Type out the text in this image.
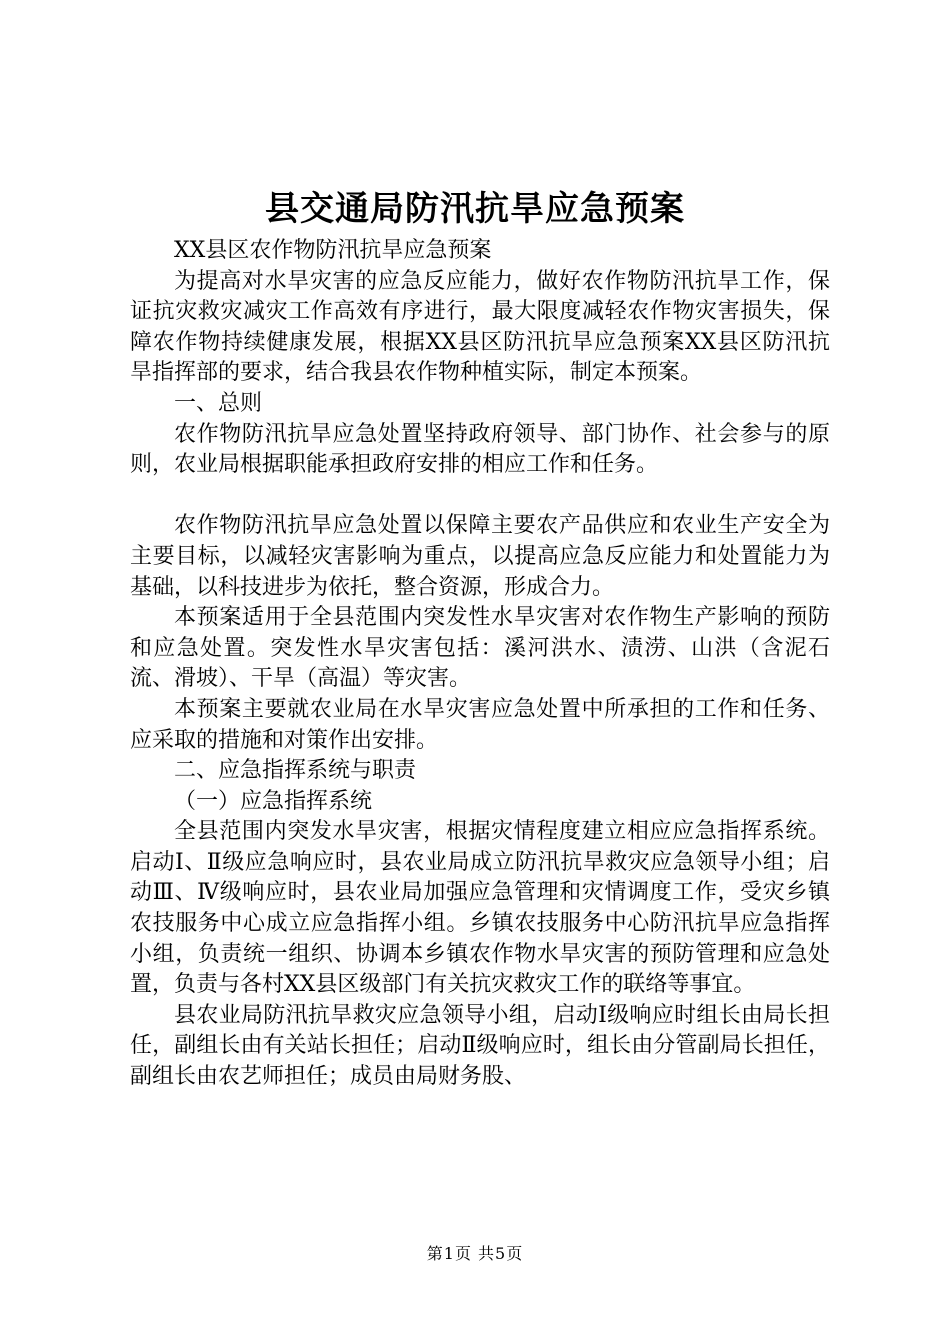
县交通局防汛抗旱应急预案

XX县区农作物防汛抗旱应急预案

为提高对水旱灾害的应急反应能力，做好农作物防汛抗旱工作，保证抗灾救灾减灾工作高效有序进行，最大限度减轻农作物灾害损失，保障农作物持续健康发展，根据XX县区防汛抗旱应急预案XX县区防汛抗旱指挥部的要求，结合我县农作物种植实际，制定本预案。

一、总则

农作物防汛抗旱应急处置坚持政府领导、部门协作、社会参与的原则，农业局根据职能承担政府安排的相应工作和任务。

农作物防汛抗旱应急处置以保障主要农产品供应和农业生产安全为主要目标，以减轻灾害影响为重点，以提高应急反应能力和处置能力为基础，以科技进步为依托，整合资源，形成合力。

本预案适用于全县范围内突发性水旱灾害对农作物生产影响的预防和应急处置。突发性水旱灾害包括：溪河洪水、渍涝、山洪（含泥石流、滑坡）、干旱（高温）等灾害。

本预案主要就农业局在水旱灾害应急处置中所承担的工作和任务、应采取的措施和对策作出安排。

二、应急指挥系统与职责

（一）应急指挥系统

全县范围内突发水旱灾害，根据灾情程度建立相应应急指挥系统。启动Ⅰ、Ⅱ级应急响应时，县农业局成立防汛抗旱救灾应急领导小组；启动Ⅲ、Ⅳ级响应时，县农业局加强应急管理和灾情调度工作，受灾乡镇农技服务中心成立应急指挥小组。乡镇农技服务中心防汛抗旱应急指挥小组，负责统一组织、协调本乡镇农作物水旱灾害的预防管理和应急处置，负责与各村XX县区级部门有关抗灾救灾工作的联络等事宜。

县农业局防汛抗旱救灾应急领导小组，启动Ⅰ级响应时组长由局长担任，副组长由有关站长担任；启动Ⅱ级响应时，组长由分管副局长担任，副组长由农艺师担任；成员由局财务股、

第1页 共5页
